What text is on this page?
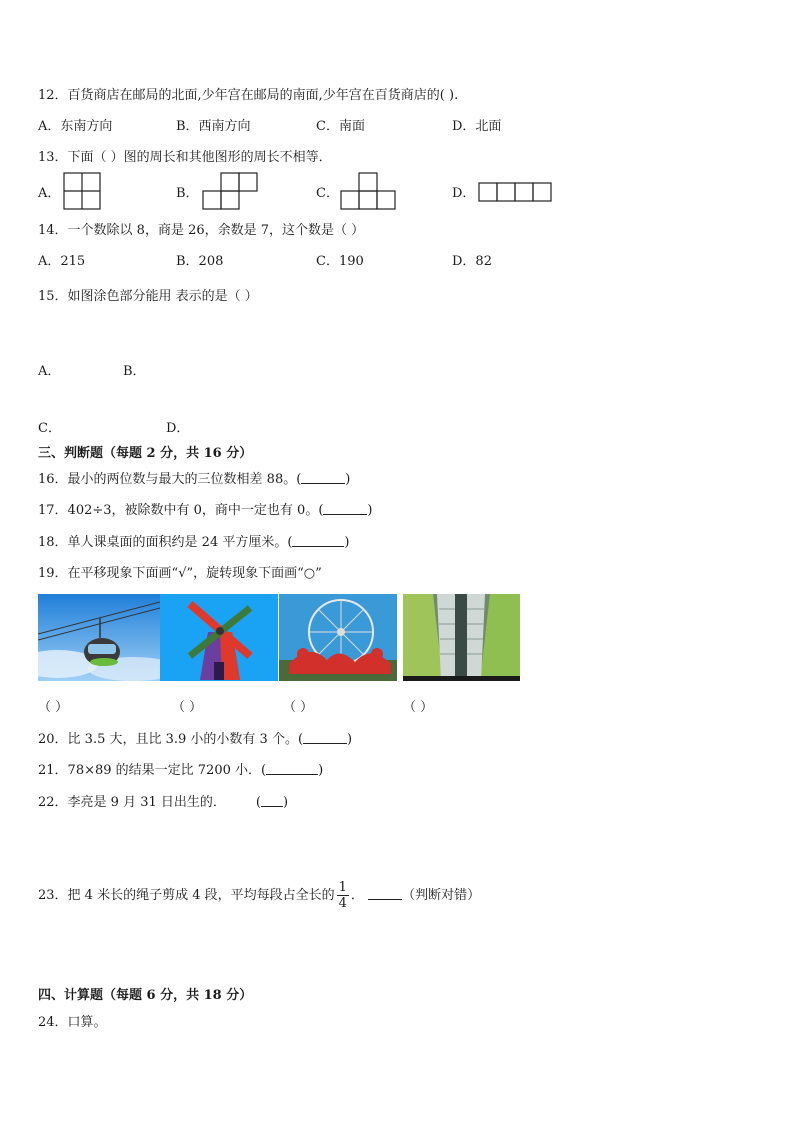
12．百货商店在邮局的北面,少年宫在邮局的南面,少年宫在百货商店的( ).
A．东南方向	B．西南方向	C．南面	D．北面
13．下面（ ）图的周长和其他图形的周长不相等．
A．	B．	C．	D．
14．一个数除以 8，商是 26，余数是 7，这个数是（ ）
A．215	B．208	C．190	D．82
15．如图涂色部分能用 表示的是（ ）
A．	B．
C．	D．
三、判断题（每题 2 分，共 16 分）
16．最小的两位数与最大的三位数相差 88。(	)
17．402÷3，被除数中有 0，商中一定也有 0。(	)
18．单人课桌面的面积约是 24 平方厘米。(	)
19．在平移现象下面画“√”，旋转现象下面画“○”
（ ）	（ ）	（ ）	（ ）
20．比 3.5 大，且比 3.9 小的小数有 3 个。(	)
21．78×89 的结果一定比 7200 小．(	)
22．李亮是 9 月 31 日出生的． ( )
23．把 4 米长的绳子剪成 4 段，平均每段占全长的 $\frac{1}{4}$ ．	（判断对错）
四、计算题（每题 6 分，共 18 分）
24．口算。
